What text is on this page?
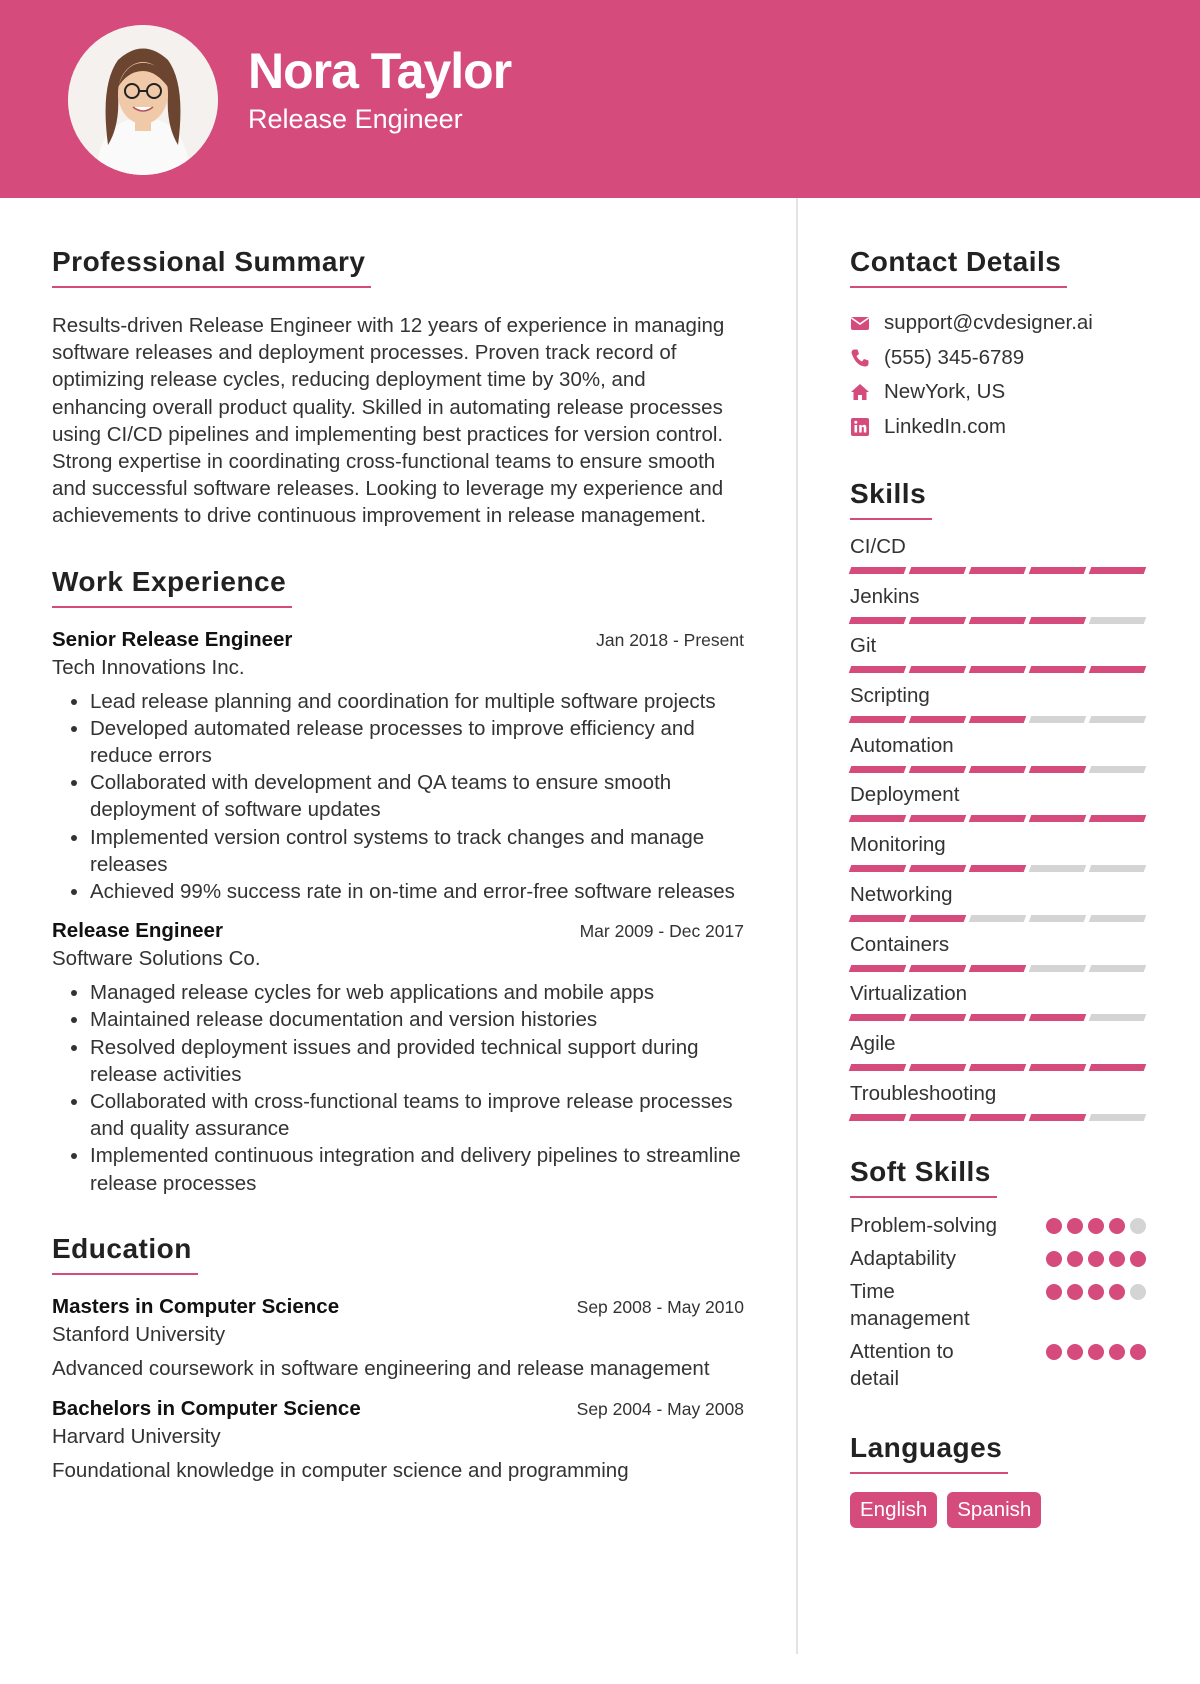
Nora Taylor
Release Engineer
Professional Summary

Results-driven Release Engineer with 12 years of experience in managing software releases and deployment processes. Proven track record of optimizing release cycles, reducing deployment time by 30%, and enhancing overall product quality. Skilled in automating release processes using CI/CD pipelines and implementing best practices for version control. Strong expertise in coordinating cross-functional teams to ensure smooth and successful software releases. Looking to leverage my experience and achievements to drive continuous improvement in release management.

Work Experience
Senior Release Engineer	Jan 2018 - Present
Tech Innovations Inc.
• Lead release planning and coordination for multiple software projects
• Developed automated release processes to improve efficiency and reduce errors
• Collaborated with development and QA teams to ensure smooth deployment of software updates
• Implemented version control systems to track changes and manage releases
• Achieved 99% success rate in on-time and error-free software releases
Release Engineer	Mar 2009 - Dec 2017
Software Solutions Co.
• Managed release cycles for web applications and mobile apps
• Maintained release documentation and version histories
• Resolved deployment issues and provided technical support during release activities
• Collaborated with cross-functional teams to improve release processes and quality assurance
• Implemented continuous integration and delivery pipelines to streamline release processes
Education
Masters in Computer Science	Sep 2008 - May 2010
Stanford University
Advanced coursework in software engineering and release management
Bachelors in Computer Science	Sep 2004 - May 2008
Harvard University
Foundational knowledge in computer science and programming
Contact Details
support@cvdesigner.ai
(555) 345-6789
NewYork, US
LinkedIn.com
Skills
CI/CD
Jenkins
Git
Scripting
Automation
Deployment
Monitoring
Networking
Containers
Virtualization
Agile
Troubleshooting
Soft Skills
Problem-solving
Adaptability
Time management
Attention to detail
Languages
English	Spanish
